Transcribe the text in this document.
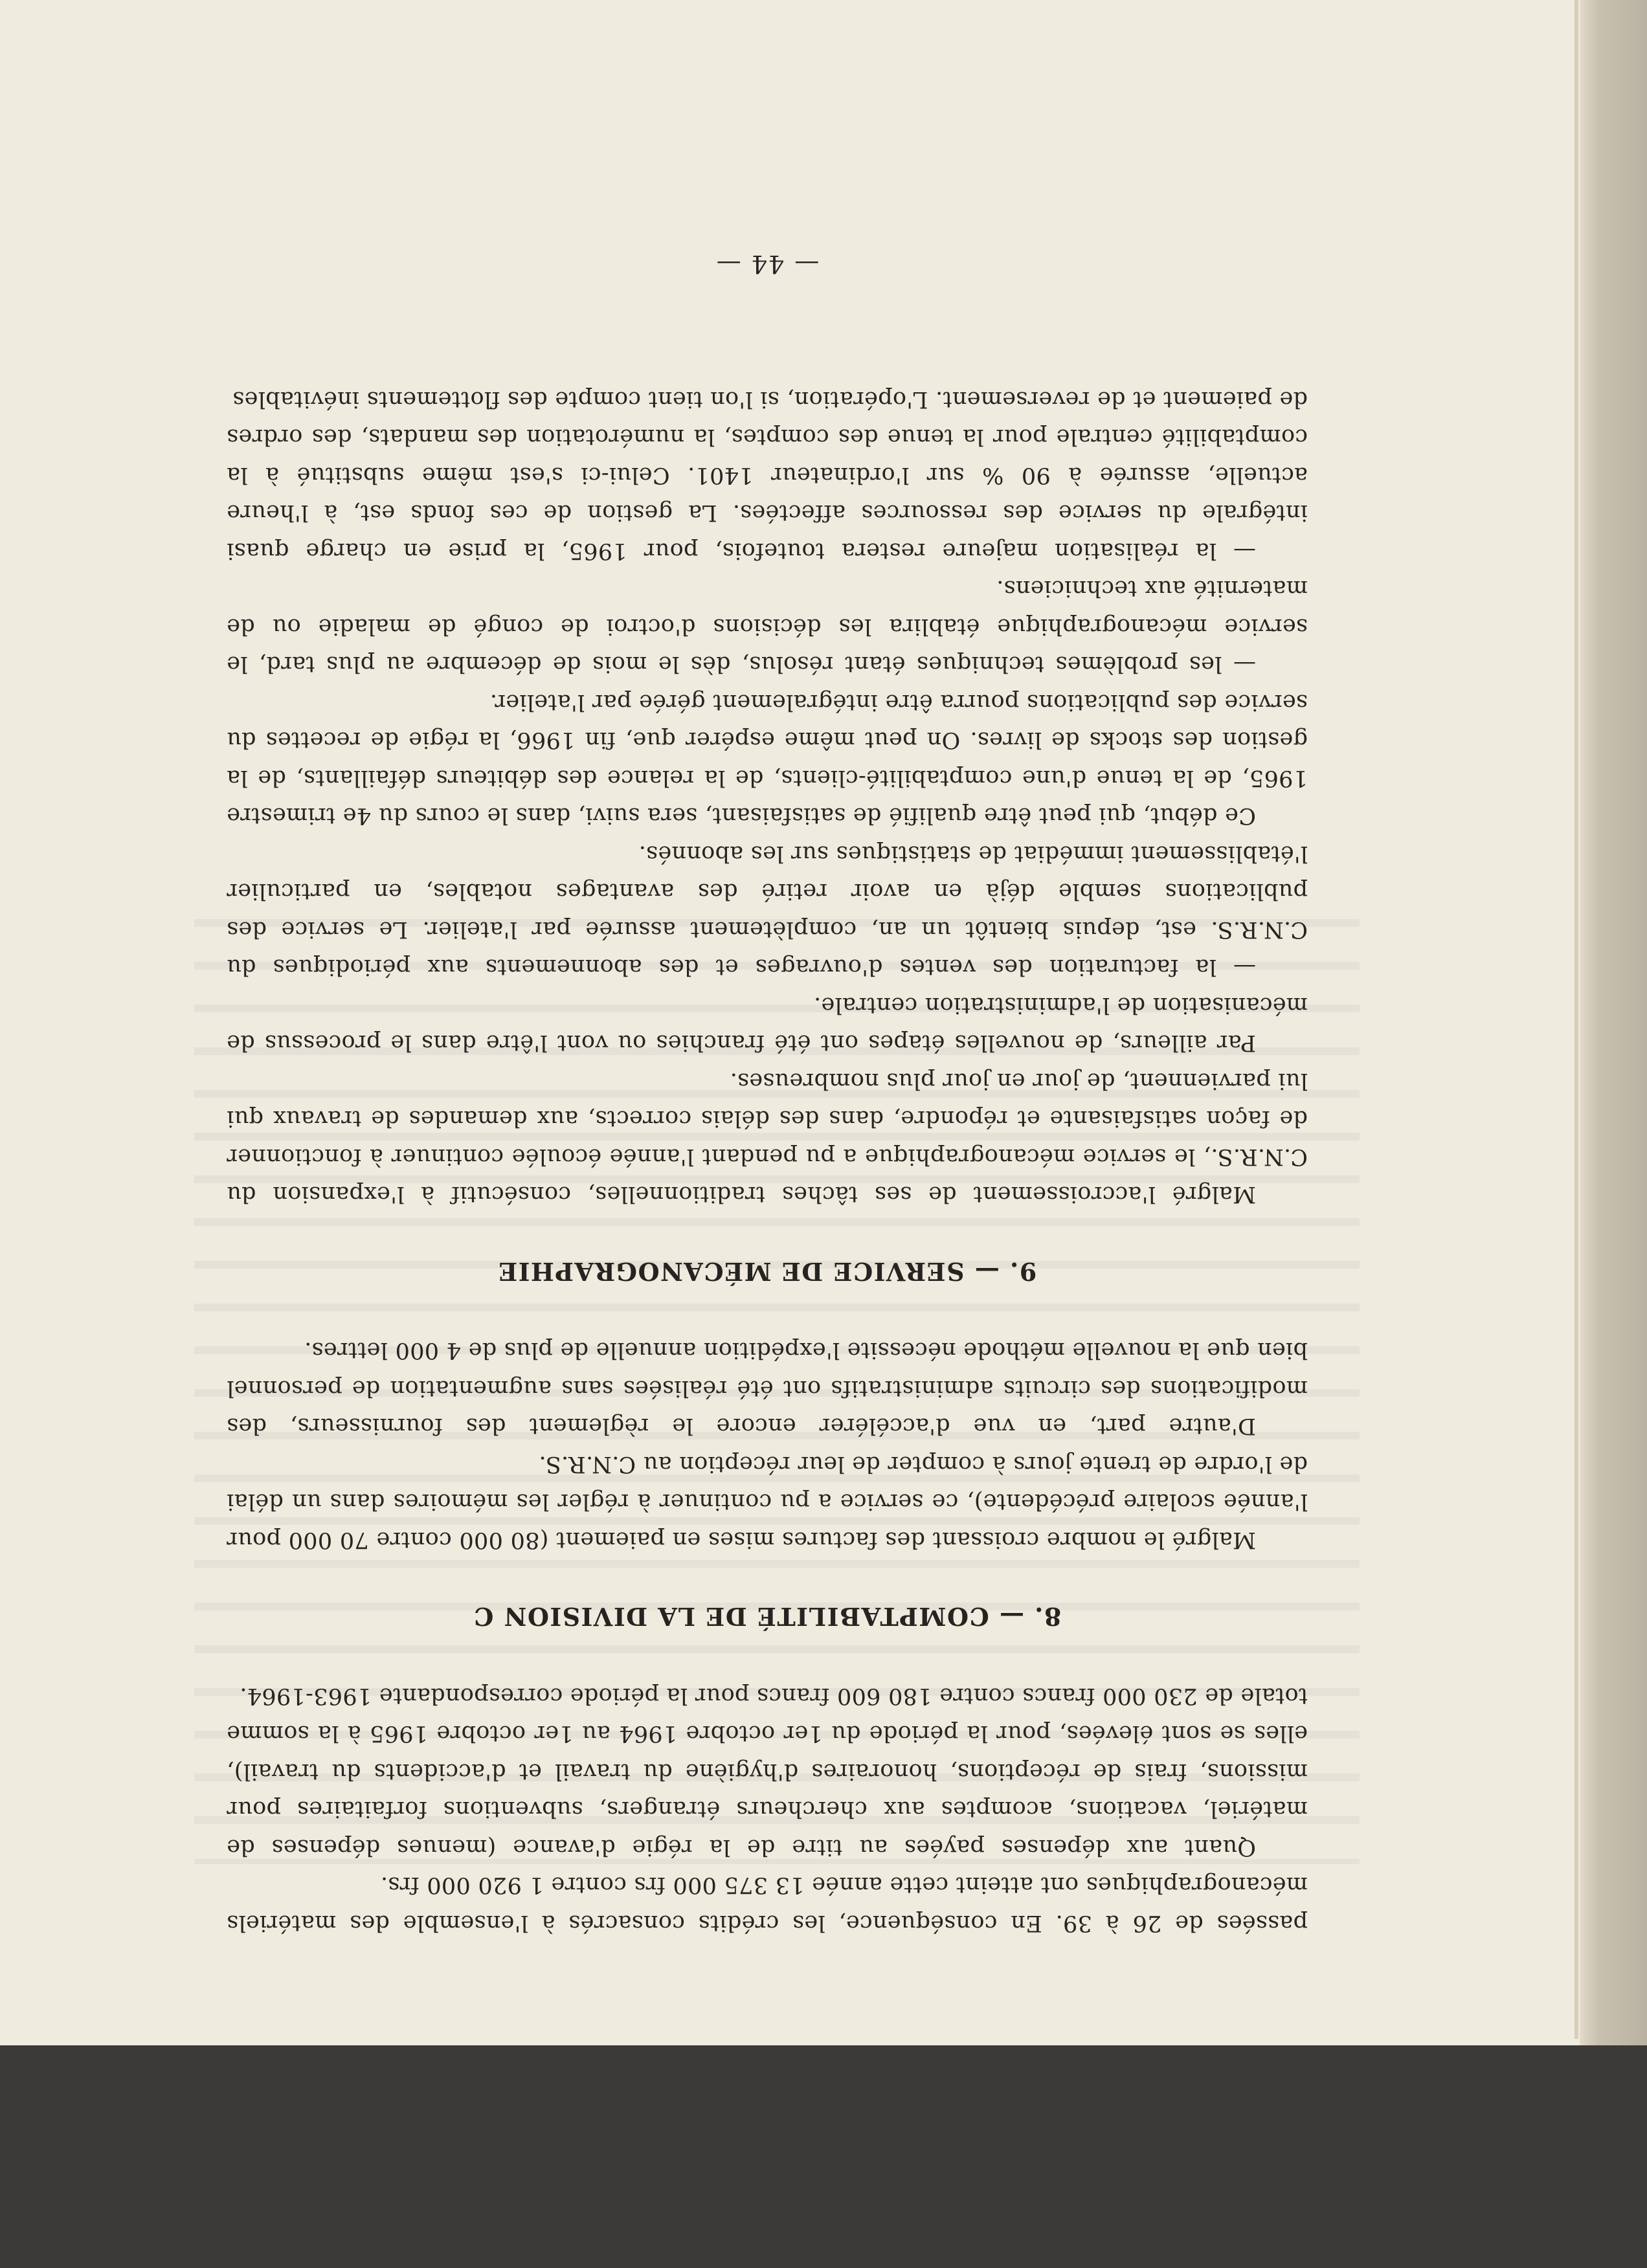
passées de 26 à 39. En conséquence, les crédits consacrés à l'ensemble des matériels mécanographiques ont atteint cette année 13 375 000 frs contre 1 920 000 frs.

Quant aux dépenses payées au titre de la régie d'avance (menues dépenses de matériel, vacations, acomptes aux chercheurs étrangers, subventions forfaitaires pour missions, frais de réceptions, honoraires d'hygiène du travail et d'accidents du travail), elles se sont élevées, pour la période du 1er octobre 1964 au 1er octobre 1965 à la somme totale de 230 000 francs contre 180 600 francs pour la période correspondante 1963-1964.

8. — COMPTABILITÉ DE LA DIVISION C

Malgré le nombre croissant des factures mises en paiement (80 000 contre 70 000 pour l'année scolaire précédente), ce service a pu continuer à régler les mémoires dans un délai de l'ordre de trente jours à compter de leur réception au C.N.R.S.

D'autre part, en vue d'accélérer encore le règlement des fournisseurs, des modifications des circuits administratifs ont été réalisées sans augmentation de personnel bien que la nouvelle méthode nécessite l'expédition annuelle de plus de 4 000 lettres.

9. — SERVICE DE MÉCANOGRAPHIE

Malgré l'accroissement de ses tâches traditionnelles, consécutif à l'expansion du C.N.R.S., le service mécanographique a pu pendant l'année écoulée continuer à fonctionner de façon satisfaisante et répondre, dans des délais corrects, aux demandes de travaux qui lui parviennent, de jour en jour plus nombreuses.

Par ailleurs, de nouvelles étapes ont été franchies ou vont l'être dans le processus de mécanisation de l'administration centrale.

— la facturation des ventes d'ouvrages et des abonnements aux périodiques du C.N.R.S. est, depuis bientôt un an, complètement assurée par l'atelier. Le service des publications semble déjà en avoir retiré des avantages notables, en particulier l'établissement immédiat de statistiques sur les abonnés.

Ce début, qui peut être qualifié de satisfaisant, sera suivi, dans le cours du 4e trimestre 1965, de la tenue d'une comptabilité-clients, de la relance des débiteurs défaillants, de la gestion des stocks de livres. On peut même espérer que, fin 1966, la régie de recettes du service des publications pourra être intégralement gérée par l'atelier.

— les problèmes techniques étant résolus, dès le mois de décembre au plus tard, le service mécanographique établira les décisions d'octroi de congé de maladie ou de maternité aux techniciens.

— la réalisation majeure restera toutefois, pour 1965, la prise en charge quasi intégrale du service des ressources affectées. La gestion de ces fonds est, à l'heure actuelle, assurée à 90 % sur l'ordinateur 1401. Celui-ci s'est même substitué à la comptabilité centrale pour la tenue des comptes, la numérotation des mandats, des ordres de paiement et de reversement. L'opération, si l'on tient compte des flottements inévitables

— 44 —
